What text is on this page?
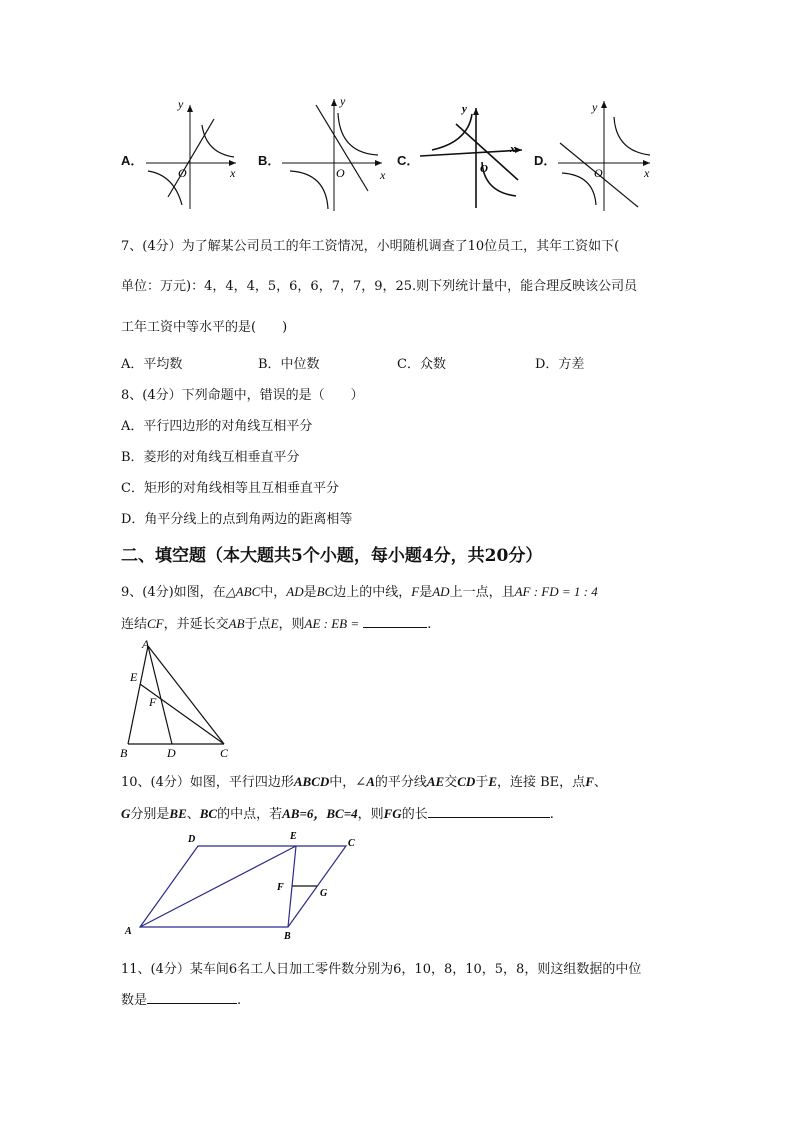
A．
y
x
O
B．
y
x
O
C．
y
x
O
D．
y
x
O
7、(4分）为了解某公司员工的年工资情况，小明随机调查了10位员工，其年工资如下(
单位：万元)：4，4，4，5，6，6，7，7，9，25.则下列统计量中，能合理反映该公司员
工年工资中等水平的是(　　)
A．平均数	B．中位数	C．众数	D．方差
8、(4分）下列命题中，错误的是（　　）
A．平行四边形的对角线互相平分
B．菱形的对角线互相垂直平分
C．矩形的对角线相等且互相垂直平分
D．角平分线上的点到角两边的距离相等
二、填空题（本大题共5个小题，每小题4分，共20分）
9、(4分)如图，在△ABC中，AD是BC边上的中线，F是AD上一点，且AF : FD = 1 : 4
连结CF，并延长交AB于点E，则AE : EB =	.
A
E
F
B	D	C
10、(4分）如图，平行四边形ABCD中，∠A的平分线AE交CD于E，连接 BE，点F、
G分别是BE、BC的中点，若AB=6，BC=4，则FG的长	.
D	E
C
F
G
A	B
11、(4分）某车间6名工人日加工零件数分别为6，10，8，10，5，8，则这组数据的中位
数是	.
